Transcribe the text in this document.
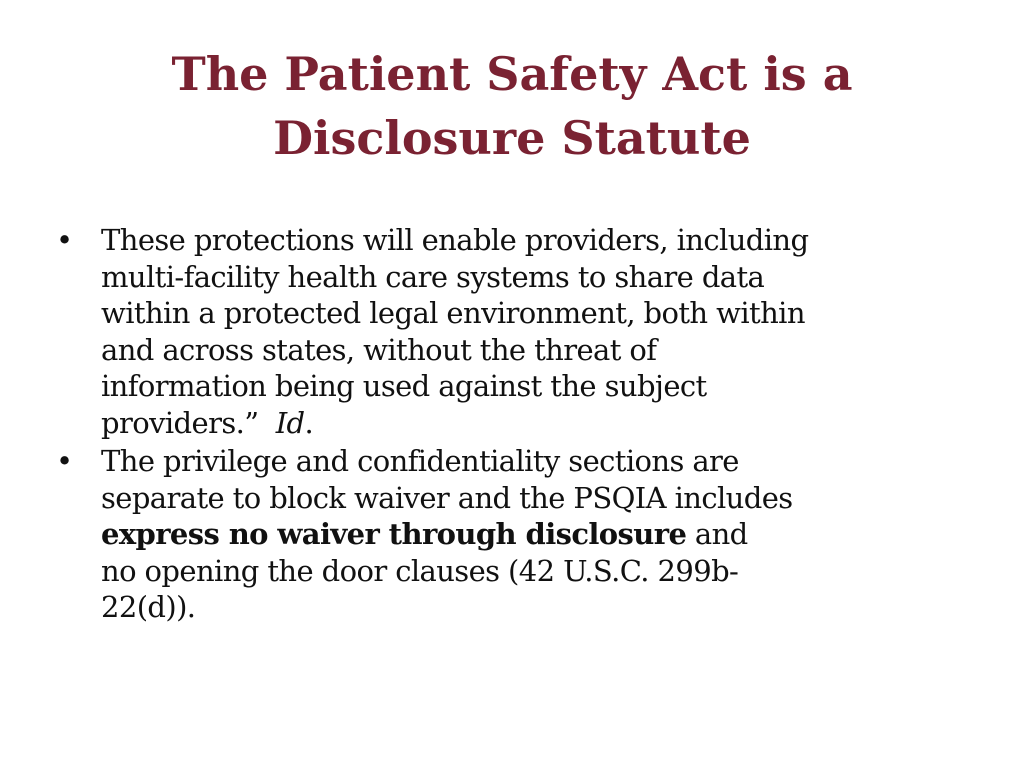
The Patient Safety Act is a
Disclosure Statute
• These protections will enable providers, including
multi-facility health care systems to share data
within a protected legal environment, both within
and across states, without the threat of
information being used against the subject
providers.”  Id.
• The privilege and confidentiality sections are
separate to block waiver and the PSQIA includes
express no waiver through disclosure and
no opening the door clauses (42 U.S.C. 299b-
22(d)).
